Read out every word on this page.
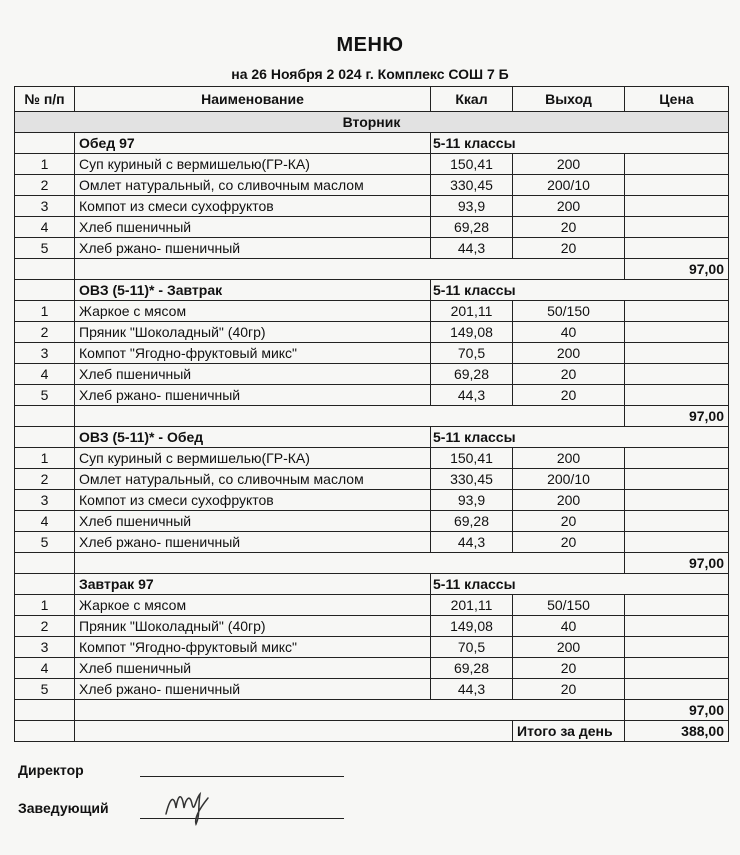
МЕНЮ
на 26 Ноября 2 024 г. Комплекс СОШ 7 Б
№ п/п	Наименование	Ккал	Выход	Цена
Вторник				
	Обед 97	5-11 классы		
1	Суп куриный с вермишелью(ГР-КА)	150,41	200	
2	Омлет натуральный, со сливочным маслом	330,45	200/10	
3	Компот из смеси сухофруктов	93,9	200	
4	Хлеб пшеничный	69,28	20	
5	Хлеб ржано- пшеничный	44,3	20	
				97,00
	ОВЗ (5-11)* - Завтрак	5-11 классы		
1	Жаркое с мясом	201,11	50/150	
2	Пряник "Шоколадный" (40гр)	149,08	40	
3	Компот "Ягодно-фруктовый микс"	70,5	200	
4	Хлеб пшеничный	69,28	20	
5	Хлеб ржано- пшеничный	44,3	20	
				97,00
	ОВЗ (5-11)* - Обед	5-11 классы		
1	Суп куриный с вермишелью(ГР-КА)	150,41	200	
2	Омлет натуральный, со сливочным маслом	330,45	200/10	
3	Компот из смеси сухофруктов	93,9	200	
4	Хлеб пшеничный	69,28	20	
5	Хлеб ржано- пшеничный	44,3	20	
				97,00
	Завтрак 97	5-11 классы		
1	Жаркое с мясом	201,11	50/150	
2	Пряник "Шоколадный" (40гр)	149,08	40	
3	Компот "Ягодно-фруктовый микс"	70,5	200	
4	Хлеб пшеничный	69,28	20	
5	Хлеб ржано- пшеничный	44,3	20	
				97,00
			Итого за день	388,00
Директор
Заведующий
